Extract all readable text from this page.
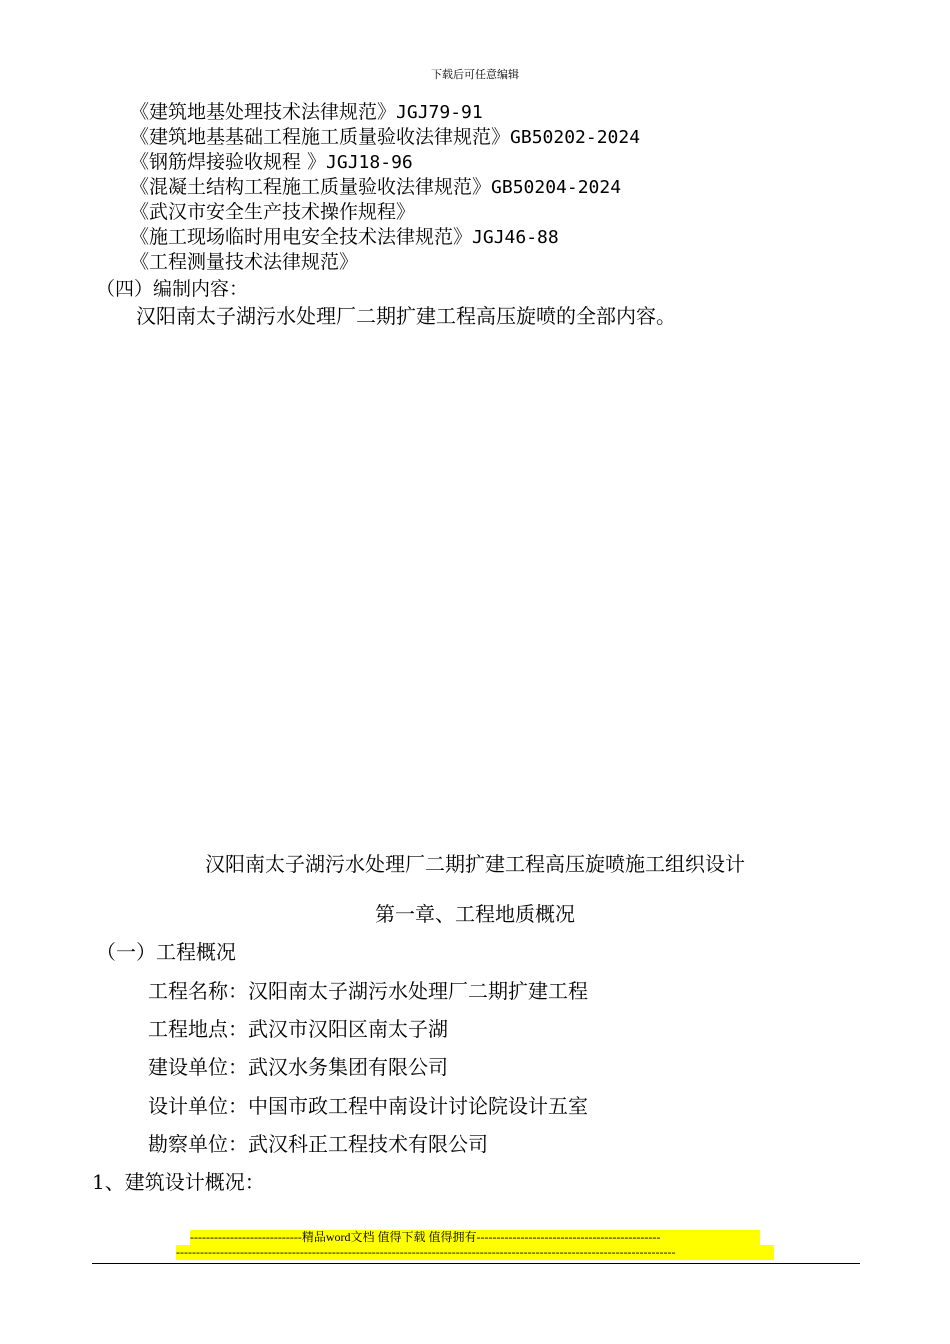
下载后可任意编辑
《建筑地基处理技术法律规范》JGJ79-91
《建筑地基基础工程施工质量验收法律规范》GB50202-2024
《钢筋焊接验收规程 》JGJ18-96
《混凝土结构工程施工质量验收法律规范》GB50204-2024
《武汉市安全生产技术操作规程》
《施工现场临时用电安全技术法律规范》JGJ46-88
《工程测量技术法律规范》
（四）编制内容：
汉阳南太子湖污水处理厂二期扩建工程高压旋喷的全部内容。
汉阳南太子湖污水处理厂二期扩建工程高压旋喷施工组织设计
第一章、工程地质概况
（一）工程概况
工程名称：汉阳南太子湖污水处理厂二期扩建工程
工程地点：武汉市汉阳区南太子湖
建设单位：武汉水务集团有限公司
设计单位：中国市政工程中南设计讨论院设计五室
勘察单位：武汉科正工程技术有限公司
1、建筑设计概况：
----------------------------精品word文档 值得下载 值得拥有----------------------------------------------
-----------------------------------------------------------------------------------------------------------------------------
